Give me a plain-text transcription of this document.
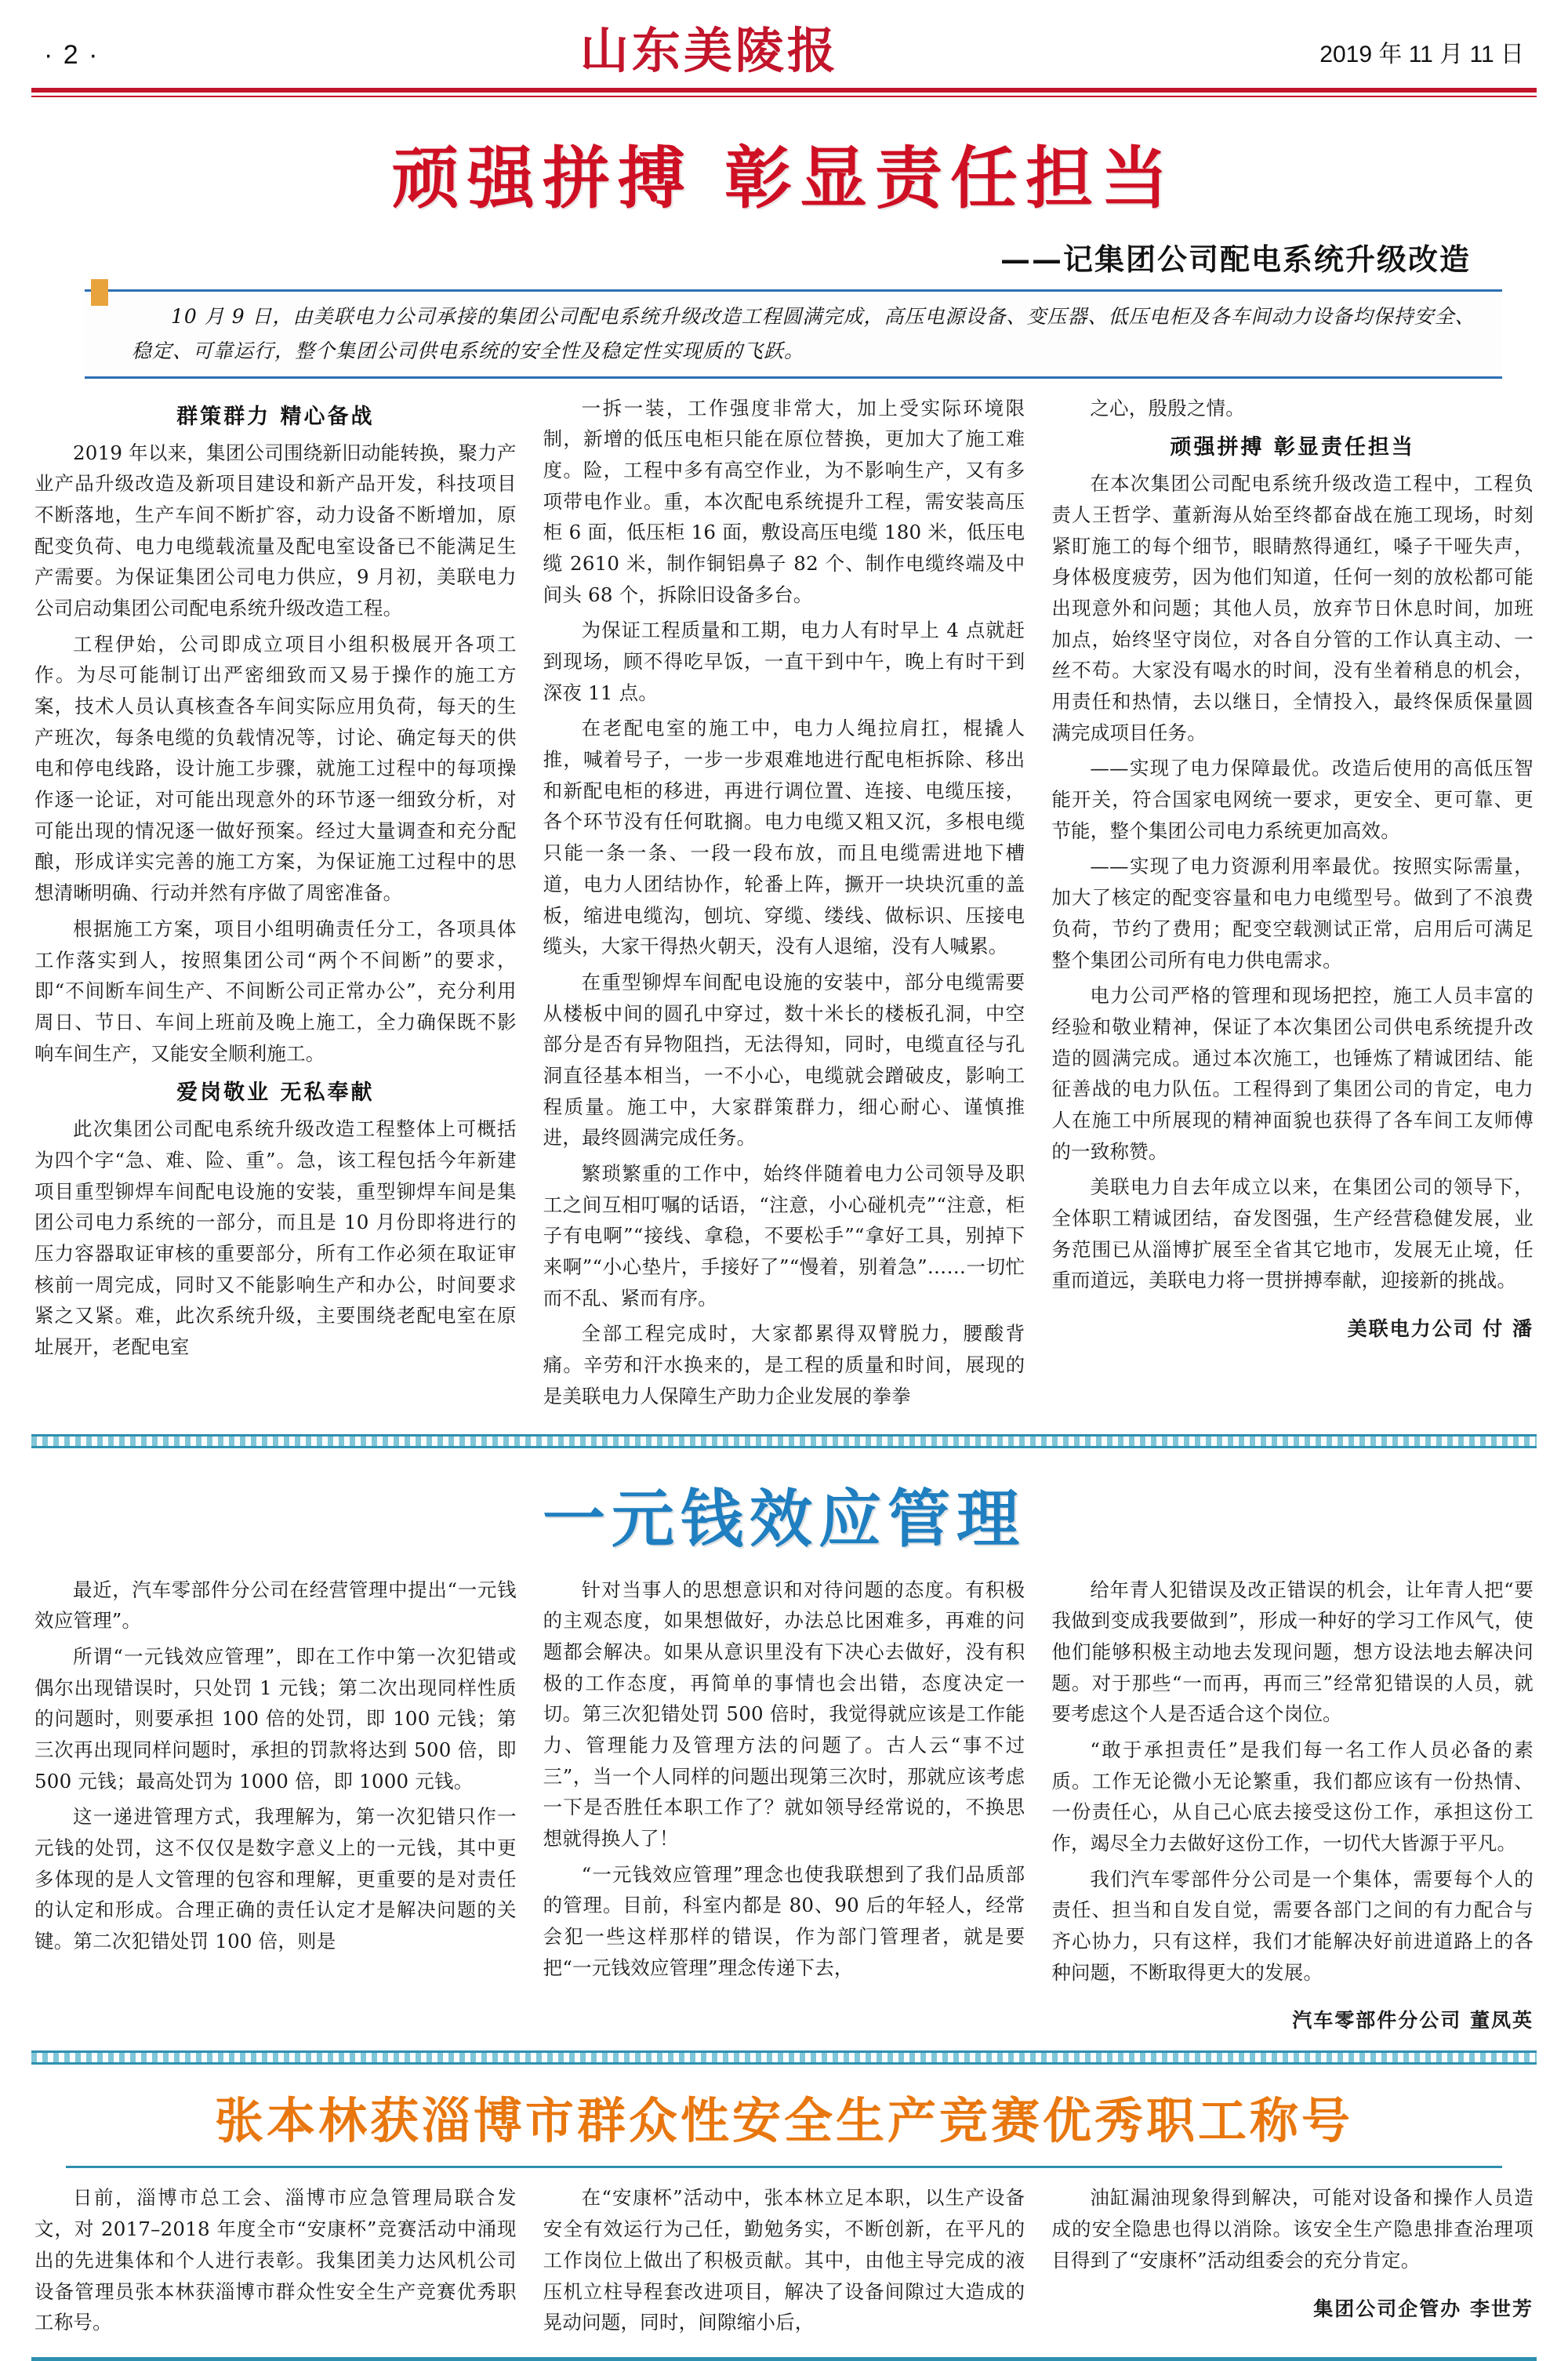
· 2 ·	山东美陵报	2019 年 11 月 11 日
顽强拼搏 彰显责任担当
——记集团公司配电系统升级改造
10 月 9 日，由美联电力公司承接的集团公司配电系统升级改造工程圆满完成，高压电源设备、变压器、低压电柜及各车间动力设备均保持安全、稳定、可靠运行，整个集团公司供电系统的安全性及稳定性实现质的飞跃。
群策群力 精心备战

2019 年以来，集团公司围绕新旧动能转换，聚力产业产品升级改造及新项目建设和新产品开发，科技项目不断落地，生产车间不断扩容，动力设备不断增加，原配变负荷、电力电缆载流量及配电室设备已不能满足生产需要。为保证集团公司电力供应，9 月初，美联电力公司启动集团公司配电系统升级改造工程。

工程伊始，公司即成立项目小组积极展开各项工作。为尽可能制订出严密细致而又易于操作的施工方案，技术人员认真核查各车间实际应用负荷，每天的生产班次，每条电缆的负载情况等，讨论、确定每天的供电和停电线路，设计施工步骤，就施工过程中的每项操作逐一论证，对可能出现意外的环节逐一细致分析，对可能出现的情况逐一做好预案。经过大量调查和充分配酿，形成详实完善的施工方案，为保证施工过程中的思想清晰明确、行动并然有序做了周密准备。

根据施工方案，项目小组明确责任分工，各项具体工作落实到人，按照集团公司“两个不间断”的要求，即“不间断车间生产、不间断公司正常办公”，充分利用周日、节日、车间上班前及晚上施工，全力确保既不影响车间生产，又能安全顺利施工。

爱岗敬业 无私奉献

此次集团公司配电系统升级改造工程整体上可概括为四个字“急、难、险、重”。急，该工程包括今年新建项目重型铆焊车间配电设施的安装，重型铆焊车间是集团公司电力系统的一部分，而且是 10 月份即将进行的压力容器取证审核的重要部分，所有工作必须在取证审核前一周完成，同时又不能影响生产和办公，时间要求紧之又紧。难，此次系统升级，主要围绕老配电室在原址展开，老配电室

一拆一装，工作强度非常大，加上受实际环境限制，新增的低压电柜只能在原位替换，更加大了施工难度。险，工程中多有高空作业，为不影响生产，又有多项带电作业。重，本次配电系统提升工程，需安装高压柜 6 面，低压柜 16 面，敷设高压电缆 180 米，低压电缆 2610 米，制作铜铝鼻子 82 个、制作电缆终端及中间头 68 个，拆除旧设备多台。

为保证工程质量和工期，电力人有时早上 4 点就赶到现场，顾不得吃早饭，一直干到中午，晚上有时干到深夜 11 点。

在老配电室的施工中，电力人绳拉肩扛，棍撬人推，喊着号子，一步一步艰难地进行配电柜拆除、移出和新配电柜的移进，再进行调位置、连接、电缆压接，各个环节没有任何耽搁。电力电缆又粗又沉，多根电缆只能一条一条、一段一段布放，而且电缆需进地下槽道，电力人团结协作，轮番上阵，撅开一块块沉重的盖板，缩进电缆沟，刨坑、穿缆、缕线、做标识、压接电缆头，大家干得热火朝天，没有人退缩，没有人喊累。

在重型铆焊车间配电设施的安装中，部分电缆需要从楼板中间的圆孔中穿过，数十米长的楼板孔洞，中空部分是否有异物阻挡，无法得知，同时，电缆直径与孔洞直径基本相当，一不小心，电缆就会蹭破皮，影响工程质量。施工中，大家群策群力，细心耐心、谨慎推进，最终圆满完成任务。

繁琐繁重的工作中，始终伴随着电力公司领导及职工之间互相叮嘱的话语，“注意，小心碰机壳”“注意，柜子有电啊”“接线、拿稳，不要松手”“拿好工具，别掉下来啊”“小心垫片，手接好了”“慢着，别着急”……一切忙而不乱、紧而有序。

全部工程完成时，大家都累得双臂脱力，腰酸背痛。辛劳和汗水换来的，是工程的质量和时间，展现的是美联电力人保障生产助力企业发展的拳拳

之心，殷殷之情。

顽强拼搏 彰显责任担当

在本次集团公司配电系统升级改造工程中，工程负责人王哲学、董新海从始至终都奋战在施工现场，时刻紧盯施工的每个细节，眼睛熬得通红，嗓子干哑失声，身体极度疲劳，因为他们知道，任何一刻的放松都可能出现意外和问题；其他人员，放弃节日休息时间，加班加点，始终坚守岗位，对各自分管的工作认真主动、一丝不苟。大家没有喝水的时间，没有坐着稍息的机会，用责任和热情，去以继日，全情投入，最终保质保量圆满完成项目任务。

——实现了电力保障最优。改造后使用的高低压智能开关，符合国家电网统一要求，更安全、更可靠、更节能，整个集团公司电力系统更加高效。

——实现了电力资源利用率最优。按照实际需量，加大了核定的配变容量和电力电缆型号。做到了不浪费负荷，节约了费用；配变空载测试正常，启用后可满足整个集团公司所有电力供电需求。

电力公司严格的管理和现场把控，施工人员丰富的经验和敬业精神，保证了本次集团公司供电系统提升改造的圆满完成。通过本次施工，也锤炼了精诚团结、能征善战的电力队伍。工程得到了集团公司的肯定，电力人在施工中所展现的精神面貌也获得了各车间工友师傅的一致称赞。

美联电力自去年成立以来，在集团公司的领导下，全体职工精诚团结，奋发图强，生产经营稳健发展，业务范围已从淄博扩展至全省其它地市，发展无止境，任重而道远，美联电力将一贯拼搏奉献，迎接新的挑战。

美联电力公司 付 潘
一元钱效应管理

最近，汽车零部件分公司在经营管理中提出“一元钱效应管理”。

所谓“一元钱效应管理”，即在工作中第一次犯错或偶尔出现错误时，只处罚 1 元钱；第二次出现同样性质的问题时，则要承担 100 倍的处罚，即 100 元钱；第三次再出现同样问题时，承担的罚款将达到 500 倍，即 500 元钱；最高处罚为 1000 倍，即 1000 元钱。

这一递进管理方式，我理解为，第一次犯错只作一元钱的处罚，这不仅仅是数字意义上的一元钱，其中更多体现的是人文管理的包容和理解，更重要的是对责任的认定和形成。合理正确的责任认定才是解决问题的关键。第二次犯错处罚 100 倍，则是

针对当事人的思想意识和对待问题的态度。有积极的主观态度，如果想做好，办法总比困难多，再难的问题都会解决。如果从意识里没有下决心去做好，没有积极的工作态度，再简单的事情也会出错，态度决定一切。第三次犯错处罚 500 倍时，我觉得就应该是工作能力、管理能力及管理方法的问题了。古人云“事不过三”，当一个人同样的问题出现第三次时，那就应该考虑一下是否胜任本职工作了？就如领导经常说的，不换思想就得换人了！

“一元钱效应管理”理念也使我联想到了我们品质部的管理。目前，科室内都是 80、90 后的年轻人，经常会犯一些这样那样的错误，作为部门管理者，就是要把“一元钱效应管理”理念传递下去，

给年青人犯错误及改正错误的机会，让年青人把“要我做到变成我要做到”，形成一种好的学习工作风气，使他们能够积极主动地去发现问题，想方设法地去解决问题。对于那些“一而再，再而三”经常犯错误的人员，就要考虑这个人是否适合这个岗位。

“敢于承担责任”是我们每一名工作人员必备的素质。工作无论微小无论繁重，我们都应该有一份热情、一份责任心，从自己心底去接受这份工作，承担这份工作，竭尽全力去做好这份工作，一切代大皆源于平凡。

我们汽车零部件分公司是一个集体，需要每个人的责任、担当和自发自觉，需要各部门之间的有力配合与齐心协力，只有这样，我们才能解决好前进道路上的各种问题，不断取得更大的发展。

汽车零部件分公司 董凤英
张本林获淄博市群众性安全生产竞赛优秀职工称号

日前，淄博市总工会、淄博市应急管理局联合发文，对 2017–2018 年度全市“安康杯”竞赛活动中涌现出的先进集体和个人进行表彰。我集团美力达风机公司设备管理员张本林获淄博市群众性安全生产竞赛优秀职工称号。

在“安康杯”活动中，张本林立足本职，以生产设备安全有效运行为己任，勤勉务实，不断创新，在平凡的工作岗位上做出了积极贡献。其中，由他主导完成的液压机立柱导程套改进项目，解决了设备间隙过大造成的晃动问题，同时，间隙缩小后，

油缸漏油现象得到解决，可能对设备和操作人员造成的安全隐患也得以消除。该安全生产隐患排查治理项目得到了“安康杯”活动组委会的充分肯定。

集团公司企管办 李世芳
